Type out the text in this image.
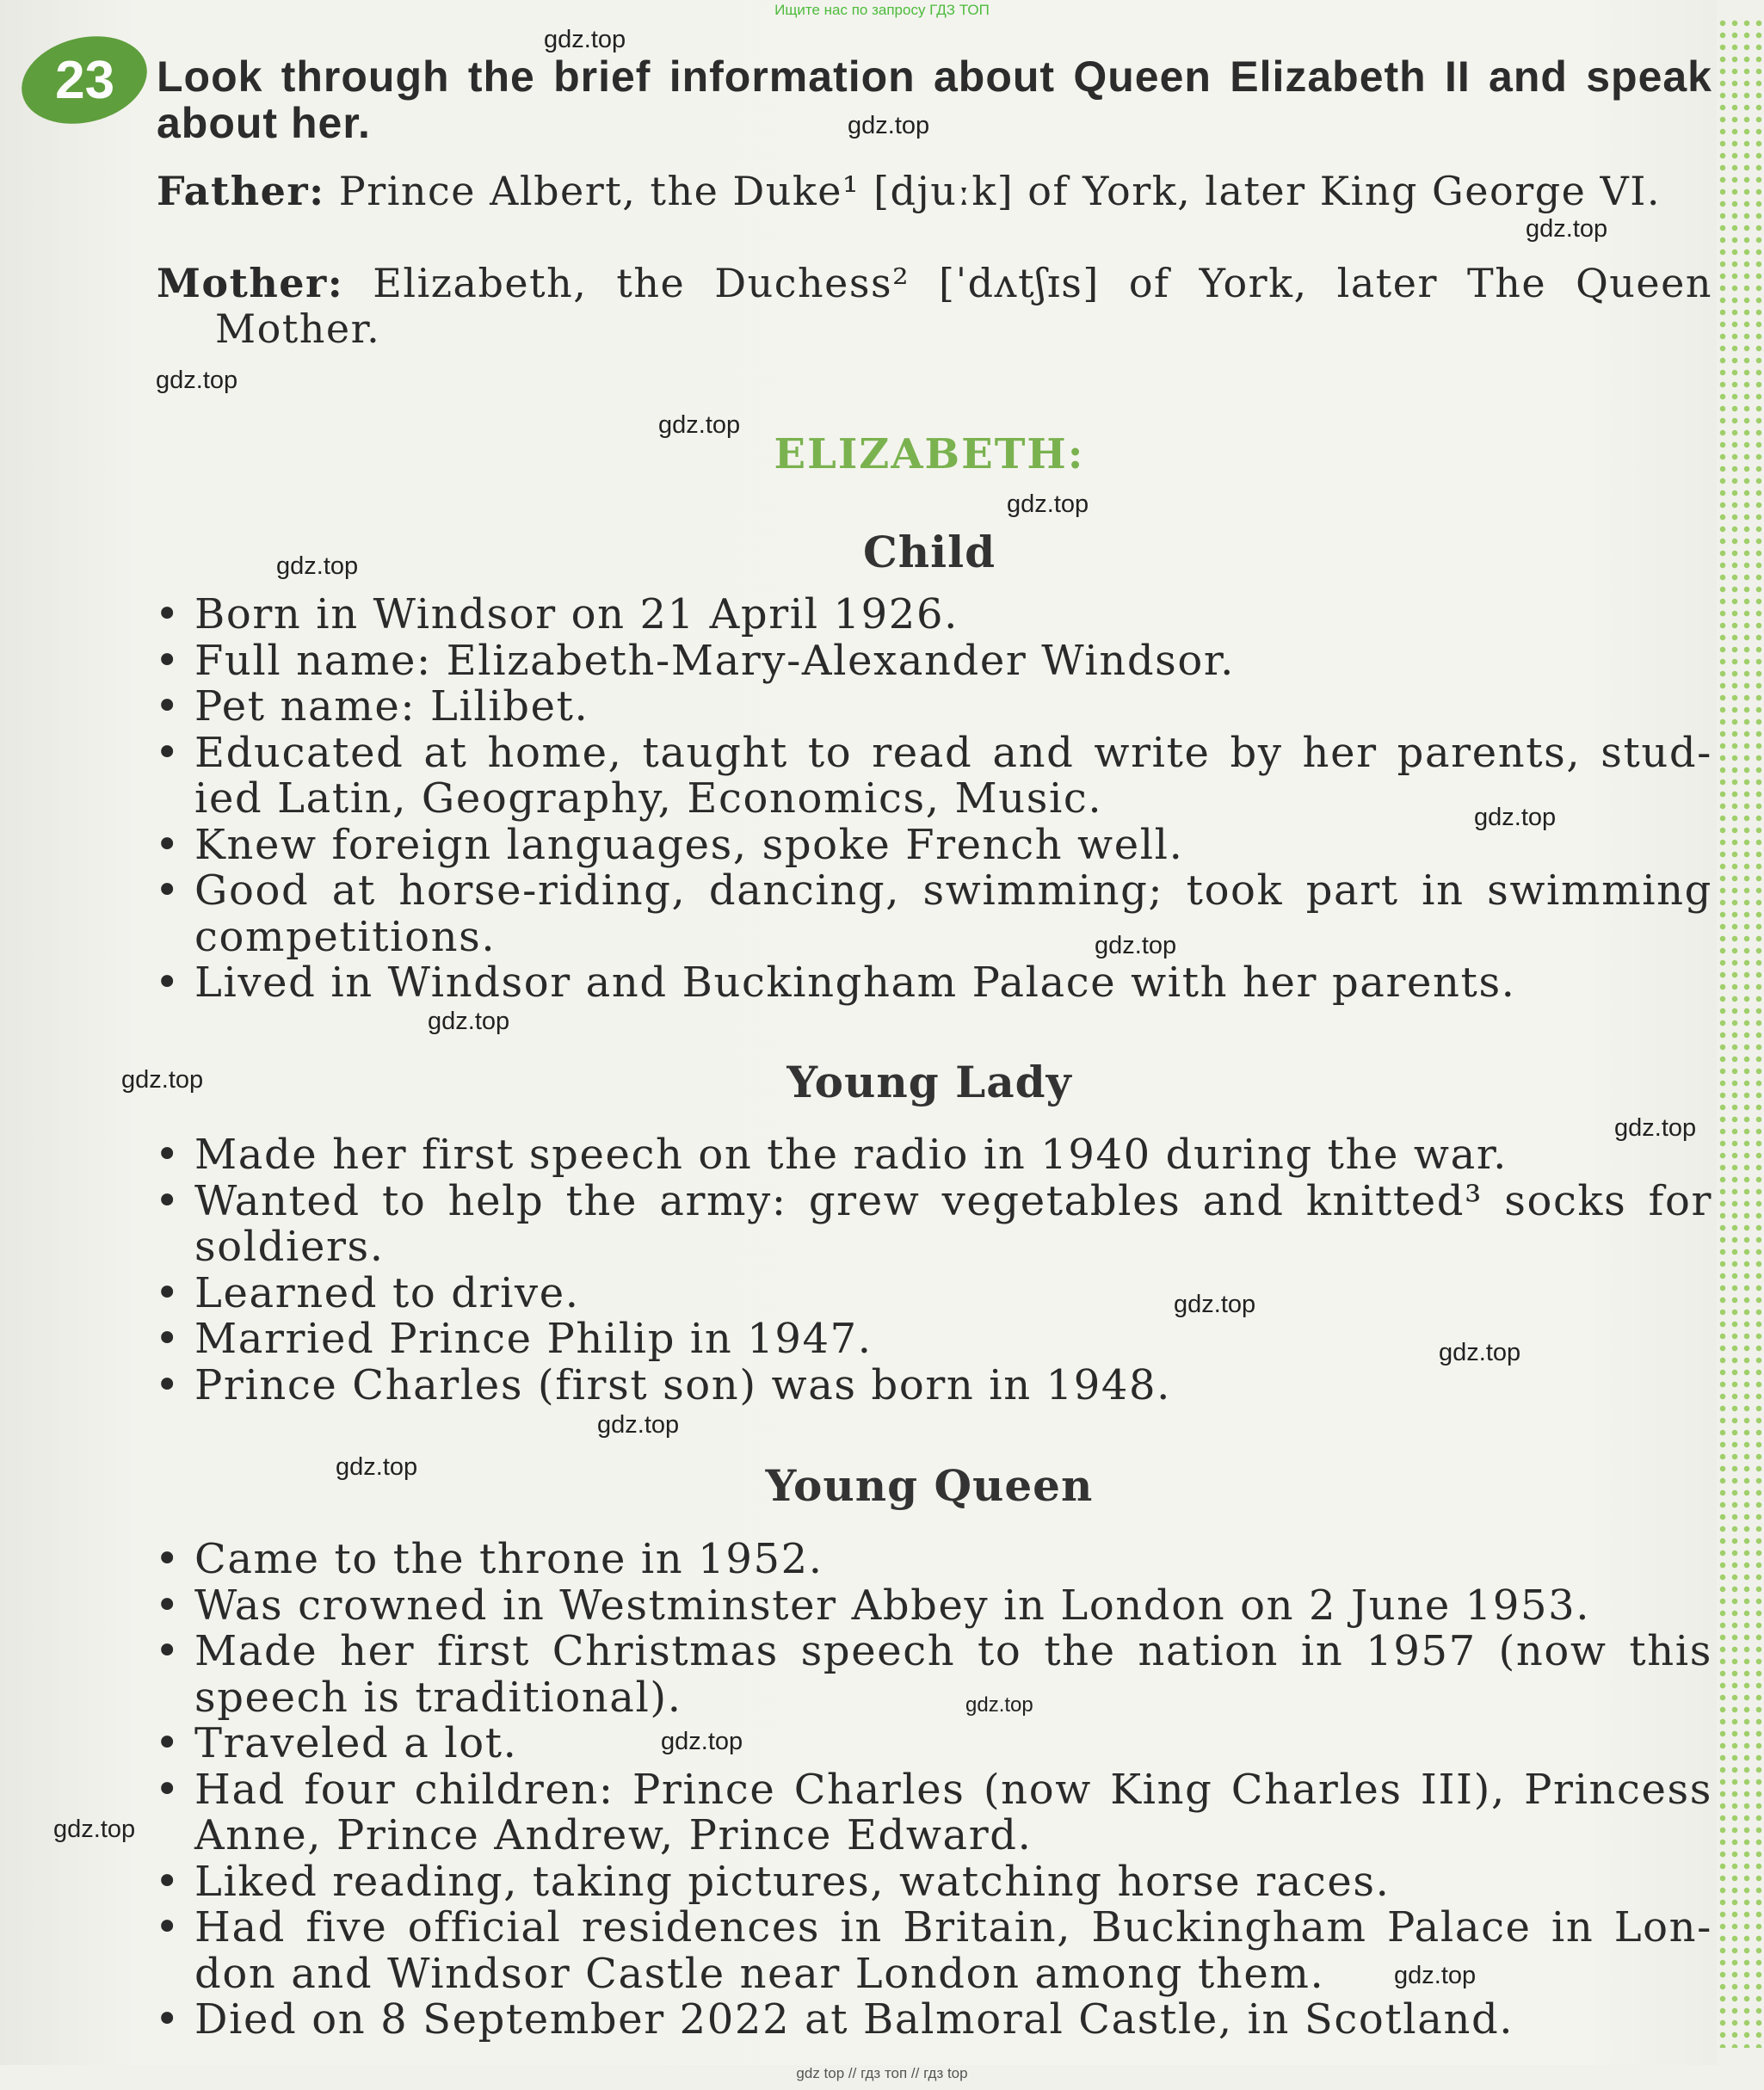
Ищите нас по запросу ГДЗ ТОП
23 Look through the brief information about Queen Elizabeth II and speak about her.
Father: Prince Albert, the Duke¹ [djuːk] of York, later King George VI.
Mother: Elizabeth, the Duchess² [ˈdʌtʃɪs] of York, later The Queen Mother.
ELIZABETH:
Child
• Born in Windsor on 21 April 1926.
• Full name: Elizabeth-Mary-Alexander Windsor.
• Pet name: Lilibet.
• Educated at home, taught to read and write by her parents, stud-ied Latin, Geography, Economics, Music.
• Knew foreign languages, spoke French well.
• Good at horse-riding, dancing, swimming; took part in swimming competitions.
• Lived in Windsor and Buckingham Palace with her parents.
Young Lady
• Made her first speech on the radio in 1940 during the war.
• Wanted to help the army: grew vegetables and knitted³ socks for soldiers.
• Learned to drive.
• Married Prince Philip in 1947.
• Prince Charles (first son) was born in 1948.
Young Queen
• Came to the throne in 1952.
• Was crowned in Westminster Abbey in London on 2 June 1953.
• Made her first Christmas speech to the nation in 1957 (now this speech is traditional).
• Traveled a lot.
• Had four children: Prince Charles (now King Charles III), Princess Anne, Prince Andrew, Prince Edward.
• Liked reading, taking pictures, watching horse races.
• Had five official residences in Britain, Buckingham Palace in Lon-don and Windsor Castle near London among them.
• Died on 8 September 2022 at Balmoral Castle, in Scotland.
gdz.top
gdz.top
gdz.top
gdz.top
gdz.top
gdz.top
gdz.top
gdz.top
gdz.top
gdz.top
gdz.top
gdz.top
gdz.top
gdz.top
gdz.top
gdz.top
gdz.top
gdz.top
gdz.top
gdz.top
gdz top // гдз топ // гдз top
